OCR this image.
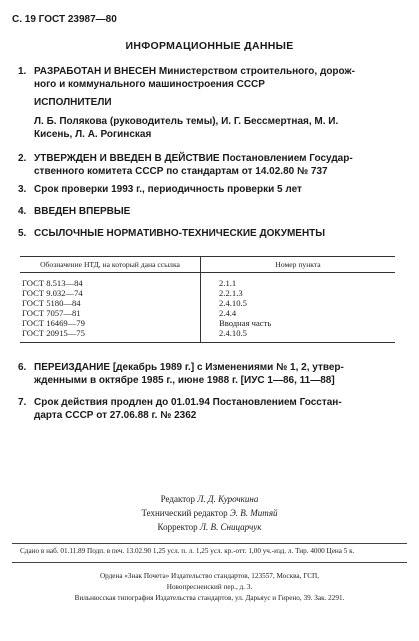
С. 19 ГОСТ 23987—80
ИНФОРМАЦИОННЫЕ ДАННЫЕ
1. РАЗРАБОТАН И ВНЕСЕН Министерством строительного, дорож-
ного и коммунального машиностроения СССР
ИСПОЛНИТЕЛИ
Л. Б. Полякова (руководитель темы), И. Г. Бессмертная, М. И.
Кисень, Л. А. Рогинская
2. УТВЕРЖДЕН И ВВЕДЕН В ДЕЙСТВИЕ Постановлением Государ-
ственного комитета СССР по стандартам от 14.02.80 № 737
3. Срок проверки 1993 г., периодичность проверки 5 лет
4. ВВЕДЕН ВПЕРВЫЕ
5. ССЫЛОЧНЫЕ НОРМАТИВНО-ТЕХНИЧЕСКИЕ ДОКУМЕНТЫ
Обозначение НТД, на который дана ссылка	Номер пункта
ГОСТ 8.513—84	2.1.1
ГОСТ 9.032—74	2.2.1.3
ГОСТ 5180—84	2.4.10.5
ГОСТ 7057—81	2.4.4
ГОСТ 16469—79	Вводная часть
ГОСТ 20915—75	2.4.10.5
6. ПЕРЕИЗДАНИЕ [декабрь 1989 г.] с Изменениями № 1, 2, утвер-
жденными в октябре 1985 г., июне 1988 г. [ИУС 1—86, 11—88]
7. Срок действия продлен до 01.01.94 Постановлением Госстан-
дарта СССР от 27.06.88 г. № 2362
Редактор Л. Д. Курочкина
Технический редактор Э. В. Митяй
Корректор Л. В. Сницарчук
Сдано в наб. 01.11.89 Подп. в печ. 13.02.90 1,25 усл. п. л. 1,25 усл. кр.-отт. 1,00 уч.-изд. л. Тир. 4000 Цена 5 к.
Ордена «Знак Почета» Издательство стандартов, 123557, Москва, ГСП,
Новопресненский пер., д. 3.
Вильнюсская типография Издательства стандартов, ул. Дарьяус и Гирено, 39. Зак. 2291.
